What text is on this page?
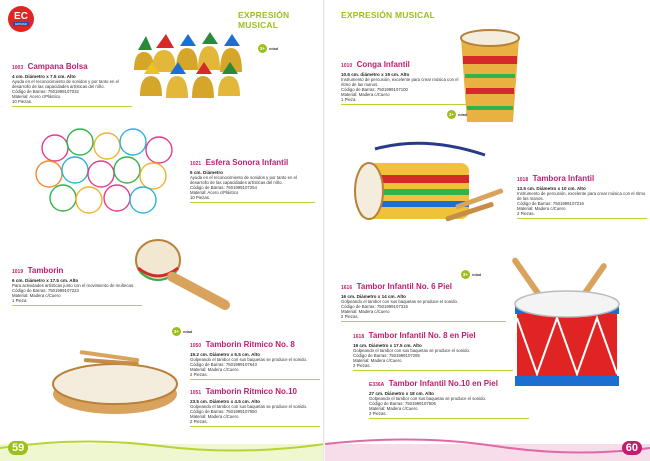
EC
EDIMAR
EXPRESIÓN MUSICAL
3+ edad
1003 Campana Bolsa
4 cm. Diámetro x 7.5 cm. Alto
Ayuda en el reconocimiento de sonidos y por tanto en el desarrollo de las capacidades artísticas del niño.
Código de Barras: 7501999107032
Material: Acero c/Plástico
10 Piezas.
1021 Esfera Sonora Infantil
6 cm. Diámetro
Ayuda en el reconocimiento de sonidos y por tanto en el desarrollo de las capacidades artísticas del niño.
Código de Barras: 7501999107254
Material: Acero c/Plástico
10 Piezas.
1019 Tamborin
6 cm. Diámetro x 17.5 cm. Alto
Para actividades artísticas junto con el movimiento de muñecas.
Código de Barras: 7501999107223
Material: Madera c/Cuero
1 Pieza.
3+ edad
1050 Tamborin Ritmico No. 8
19.2 cm. Diámetro x 5.5 cm. Alto
Golpeando el tambor con sus baquetas se produce el sonido.
Código de Barras: 7501999107643
Material: Madera c/Cuero
2 Piezas.
1051 Tamborin Ritmico No.10
23.5 cm. Diámetro x 4.5 cm. Alto
Golpeando el tambor con sus baquetas se produce el sonido.
Código de Barras: 7501999107650
Material: Madera c/Cuero
2 Piezas.
59
EXPRESIÓN MUSICAL
1010 Conga Infantil
10.6 cm. diámetro x 19 cm. Alto
Instrumento de percusión, excelente para crear música con el ritmo de las manos.
Código de Barras: 7501999107100
Material: Madera c/Cuero
1 Pieza.
3+ edad
1018 Tambora Infantil
13.5 cm. Diámetro x 10 cm. Alto
Instrumento de percusión, excelente para crear música con el ritmo de las manos.
Código de Barras: 7501999107216
Material: Madera c/Cuero
2 Piezas.
3+ edad
1616 Tambor Infantil No. 6 Piel
16 cm. Diámetro x 14 cm. Alto
Golpeando el tambor con sus baquetas se produce el sonido.
Código de Barras: 7501999107315
Material: Madera c/Cuero
2 Piezas.
1618 Tambor Infantil No. 8 en Piel
19 cm. Diámetro x 17.5 cm. Alto
Golpeando el tambor con sus baquetas se produce el sonido.
Código de Barras: 7501999107285
Material: Madera c/Cuero
2 Piezas.
E336A Tambor Infantil No.10 en Piel
27 cm. Diámetro x 18 cm. Alto
Golpeando el tambor con sus baquetas se produce el sonido.
Código de Barras: 7501999107506
Material: Madera c/Cuero
2 Piezas.
60
